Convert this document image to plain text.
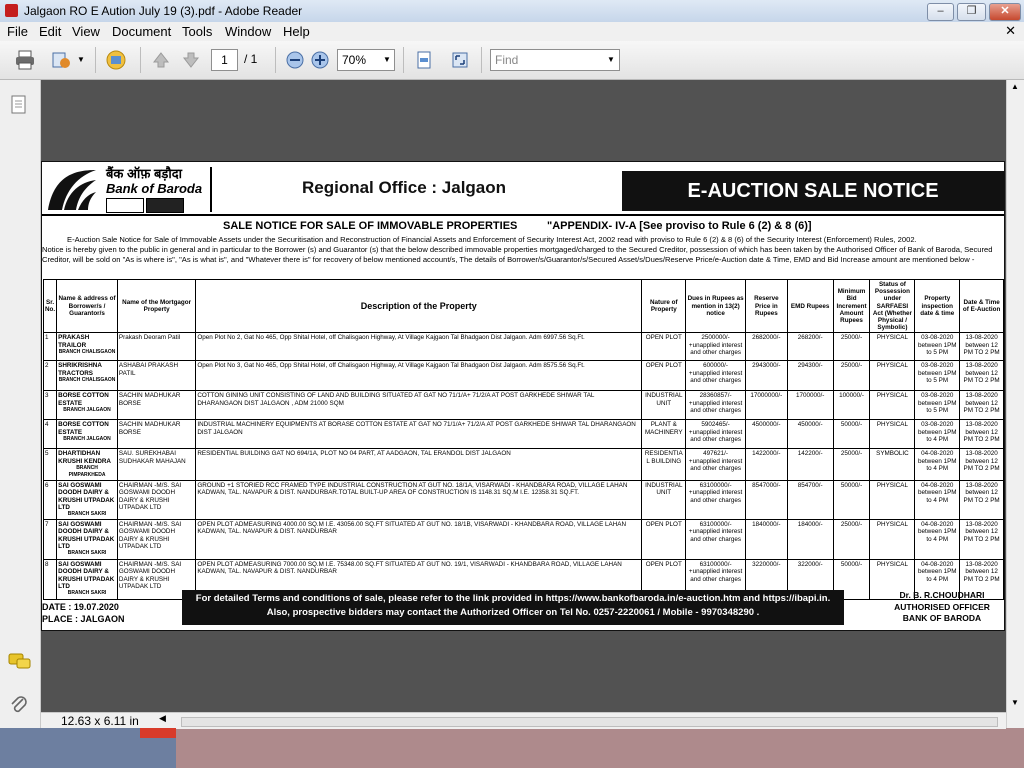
Jalgaon RO E Aution July 19 (3).pdf - Adobe Reader	–	❐	✕
File Edit View Document Tools Window Help	✕
▼	1	/ 1	70%	▼	Find	▼
बैंक ऑफ़ बड़ौदा
Bank of Baroda	Regional Office : Jalgaon	E-AUCTION SALE NOTICE
SALE NOTICE FOR SALE OF IMMOVABLE PROPERTIES	"APPENDIX- IV-A [See proviso to Rule 6 (2) & 8 (6)]
E-Auction Sale Notice for Sale of Immovable Assets under the Securitisation and Reconstruction of Financial Assets and Enforcement of Security Interest Act, 2002 read with proviso to Rule 6 (2) & 8 (6) of the Security Interest (Enforcement) Rules, 2002.
Notice is hereby given to the public in general and in particular to the Borrower (s) and Guarantor (s) that the below described immovable properties mortgaged/charged to the Secured Creditor, possession of which has been taken by the Authorised Officer of Bank of Baroda, Secured Creditor, will be sold on "As is where is", "As is what is", and "Whatever there is" for recovery of below mentioned account/s, The details of Borrower/s/Guarantor/s/Secured Asset/s/Dues/Reserve Price/e-Auction date & Time, EMD and Bid Increase amount are mentioned below -
Sr. No.	Name & address of Borrower/s / Guarantor/s	Name of the Mortgagor Property	Description of the Property	Nature of Property	Dues in Rupees as mention in 13(2) notice	Reserve Price in Rupees	EMD Rupees	Minimum Bid Increment Amount Rupees	Status of Possession under SARFAESI Act (Whether Physical / Symbolic)	Property inspection date & time	Date & Time of E-Auction
1	PRAKASH TRAILOR
BRANCH CHALISGAON	Prakash Deoram Patil	Open Plot No 2, Gat No 465, Opp Shital Hotel, off Chalisgaon Highway, At Village Kajgaon Tal Bhadgaon Dist Jalgaon. Adm 6997.56 Sq.Ft.	OPEN PLOT	2500000/- +unapplied interest and other charges	2682000/-	268200/-	25000/-	PHYSICAL	03-08-2020 between 1PM to 5 PM	13-08-2020 between 12 PM TO 2 PM
2	SHRIKRISHNA TRACTORS
BRANCH CHALISGAON	ASHABAI PRAKASH PATIL	Open Plot No 3, Gat No 465, Opp Shital Hotel, off Chalisgaon Highway, At Village Kajgaon Tal Bhadgaon Dist Jalgaon. Adm 8575.56 Sq.Ft.	OPEN PLOT	600000/- +unapplied interest and other charges	2943000/-	294300/-	25000/-	PHYSICAL	03-08-2020 between 1PM to 5 PM	13-08-2020 between 12 PM TO 2 PM
3	BORSE COTTON ESTATE
BRANCH JALGAON	SACHIN MADHUKAR BORSE	COTTON GINING UNIT CONSISTING OF LAND AND BUILDING SITUATED AT GAT NO 71/1/A+ 71/2/A AT POST GARKHEDE SHIWAR TAL DHARANGAON DIST JALGAON , ADM 21000 SQM	INDUSTRIAL UNIT	28360857/- +unapplied interest and other charges	17000000/-	1700000/-	100000/-	PHYSICAL	03-08-2020 between 1PM to 5 PM	13-08-2020 between 12 PM TO 2 PM
4	BORSE COTTON ESTATE
BRANCH JALGAON	SACHIN MADHUKAR BORSE	INDUSTRIAL MACHINERY EQUIPMENTS AT BORASE COTTON ESTATE AT GAT NO 71/1/A+ 71/2/A AT POST GARKHEDE SHIWAR TAL DHARANGAON DIST JALGAON	PLANT & MACHINERY	5902465/- +unapplied interest and other charges	4500000/-	450000/-	50000/-	PHYSICAL	03-08-2020 between 1PM to 4 PM	13-08-2020 between 12 PM TO 2 PM
5	DHARTIDHAN KRUSHI KENDRA
BRANCH PIMPARKHEDA	SAU. SUREKHABAI SUDHAKAR MAHAJAN	RESIDENTIAL BUILDING GAT NO 694/1A, PLOT NO 04 PART, AT AADGAON, TAL ERANDOL DIST JALGAON	RESIDENTIAL BUILDING	497621/- +unapplied interest and other charges	1422000/-	142200/-	25000/-	SYMBOLIC	04-08-2020 between 1PM to 4 PM	13-08-2020 between 12 PM TO 2 PM
6	SAI GOSWAMI DOODH DAIRY & KRUSHI UTPADAK LTD
BRANCH SAKRI	CHAIRMAN -M/S. SAI GOSWAMI DOODH DAIRY & KRUSHI UTPADAK LTD	GROUND +1 STORIED RCC FRAMED TYPE INDUSTRIAL CONSTRUCTION AT GUT NO. 18/1A, VISARWADI - KHANDBARA ROAD, VILLAGE LAHAN KADWAN, TAL. NAVAPUR & DIST. NANDURBAR.TOTAL BUILT-UP AREA OF CONSTRUCTION IS 1148.31 SQ.M I.E. 12358.31 SQ.FT.	INDUSTRIAL UNIT	63100000/- +unapplied interest and other charges	8547000/-	854700/-	50000/-	PHYSICAL	04-08-2020 between 1PM to 4 PM	13-08-2020 between 12 PM TO 2 PM
7	SAI GOSWAMI DOODH DAIRY & KRUSHI UTPADAK LTD
BRANCH SAKRI	CHAIRMAN -M/S. SAI GOSWAMI DOODH DAIRY & KRUSHI UTPADAK LTD	OPEN PLOT ADMEASURING 4000.00 SQ.M I.E. 43056.00 SQ.FT SITUATED AT GUT NO. 18/1B, VISARWADI - KHANDBARA ROAD, VILLAGE LAHAN KADWAN, TAL. NAVAPUR & DIST. NANDURBAR	OPEN PLOT	63100000/- +unapplied interest and other charges	1840000/-	184000/-	25000/-	PHYSICAL	04-08-2020 between 1PM to 4 PM	13-08-2020 between 12 PM TO 2 PM
8	SAI GOSWAMI DOODH DAIRY & KRUSHI UTPADAK LTD
BRANCH SAKRI	CHAIRMAN -M/S. SAI GOSWAMI DOODH DAIRY & KRUSHI UTPADAK LTD	OPEN PLOT ADMEASURING 7000.00 SQ.M I.E. 75348.00 SQ.FT SITUATED AT GUT NO. 19/1, VISARWADI - KHANDBARA ROAD, VILLAGE LAHAN KADWAN, TAL. NAVAPUR & DIST. NANDURBAR	OPEN PLOT	63100000/- +unapplied interest and other charges	3220000/-	322000/-	50000/-	PHYSICAL	04-08-2020 between 1PM to 4 PM	13-08-2020 between 12 PM TO 2 PM
DATE : 19.07.2020
PLACE : JALGAON
For detailed Terms and conditions of sale, please refer to the link provided in https://www.bankofbaroda.in/e-auction.htm and https://ibapi.in.
Also, prospective bidders may contact the Authorized Officer on Tel No. 0257-2220061 / Mobile - 9970348290 .
Dr. B. R.CHOUDHARI
AUTHORISED OFFICER
BANK OF BARODA
▲
▼
12.63 x 6.11 in ◀
